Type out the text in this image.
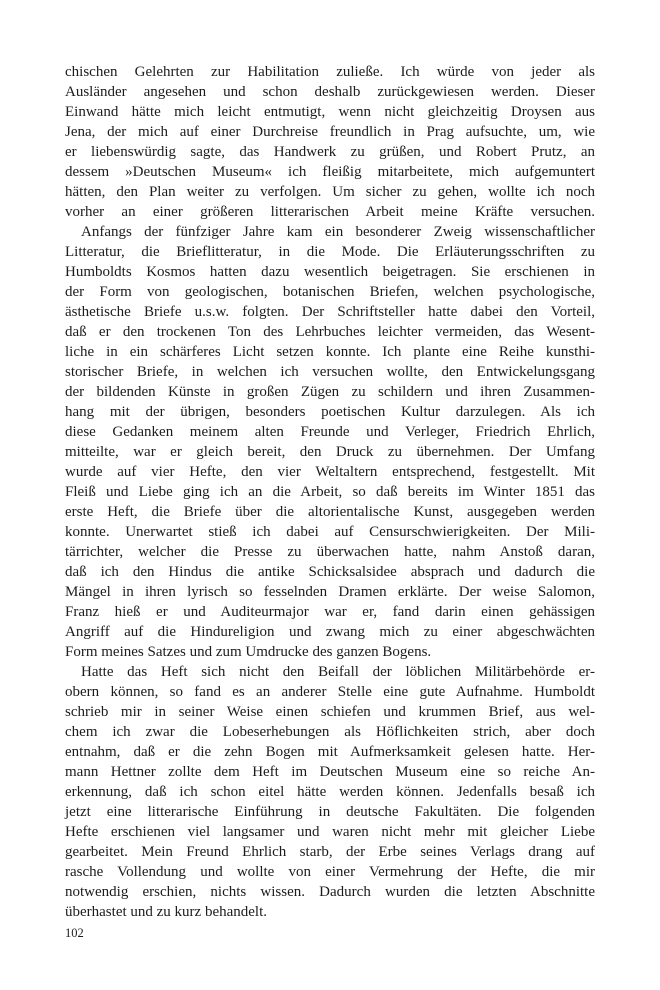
chischen Gelehrten zur Habilitation zuließe. Ich würde von jeder als
Ausländer angesehen und schon deshalb zurückgewiesen werden. Dieser
Einwand hätte mich leicht entmutigt, wenn nicht gleichzeitig Droysen aus
Jena, der mich auf einer Durchreise freundlich in Prag aufsuchte, um, wie
er liebenswürdig sagte, das Handwerk zu grüßen, und Robert Prutz, an
dessem »Deutschen Museum« ich fleißig mitarbeitete, mich aufgemuntert
hätten, den Plan weiter zu verfolgen. Um sicher zu gehen, wollte ich noch
vorher an einer größeren litterarischen Arbeit meine Kräfte versuchen.
Anfangs der fünfziger Jahre kam ein besonderer Zweig wissenschaftlicher
Litteratur, die Brieflitteratur, in die Mode. Die Erläuterungsschriften zu
Humboldts Kosmos hatten dazu wesentlich beigetragen. Sie erschienen in
der Form von geologischen, botanischen Briefen, welchen psychologische,
ästhetische Briefe u.s.w. folgten. Der Schriftsteller hatte dabei den Vorteil,
daß er den trockenen Ton des Lehrbuches leichter vermeiden, das Wesent-
liche in ein schärferes Licht setzen konnte. Ich plante eine Reihe kunsthi-
storischer Briefe, in welchen ich versuchen wollte, den Entwickelungsgang
der bildenden Künste in großen Zügen zu schildern und ihren Zusammen-
hang mit der übrigen, besonders poetischen Kultur darzulegen. Als ich
diese Gedanken meinem alten Freunde und Verleger, Friedrich Ehrlich,
mitteilte, war er gleich bereit, den Druck zu übernehmen. Der Umfang
wurde auf vier Hefte, den vier Weltaltern entsprechend, festgestellt. Mit
Fleiß und Liebe ging ich an die Arbeit, so daß bereits im Winter 1851 das
erste Heft, die Briefe über die altorientalische Kunst, ausgegeben werden
konnte. Unerwartet stieß ich dabei auf Censurschwierigkeiten. Der Mili-
tärrichter, welcher die Presse zu überwachen hatte, nahm Anstoß daran,
daß ich den Hindus die antike Schicksalsidee absprach und dadurch die
Mängel in ihren lyrisch so fesselnden Dramen erklärte. Der weise Salomon,
Franz hieß er und Auditeurmajor war er, fand darin einen gehässigen
Angriff auf die Hindureligion und zwang mich zu einer abgeschwächten
Form meines Satzes und zum Umdrucke des ganzen Bogens.
Hatte das Heft sich nicht den Beifall der löblichen Militärbehörde er-
obern können, so fand es an anderer Stelle eine gute Aufnahme. Humboldt
schrieb mir in seiner Weise einen schiefen und krummen Brief, aus wel-
chem ich zwar die Lobeserhebungen als Höflichkeiten strich, aber doch
entnahm, daß er die zehn Bogen mit Aufmerksamkeit gelesen hatte. Her-
mann Hettner zollte dem Heft im Deutschen Museum eine so reiche An-
erkennung, daß ich schon eitel hätte werden können. Jedenfalls besaß ich
jetzt eine litterarische Einführung in deutsche Fakultäten. Die folgenden
Hefte erschienen viel langsamer und waren nicht mehr mit gleicher Liebe
gearbeitet. Mein Freund Ehrlich starb, der Erbe seines Verlags drang auf
rasche Vollendung und wollte von einer Vermehrung der Hefte, die mir
notwendig erschien, nichts wissen. Dadurch wurden die letzten Abschnitte
überhastet und zu kurz behandelt.
102
